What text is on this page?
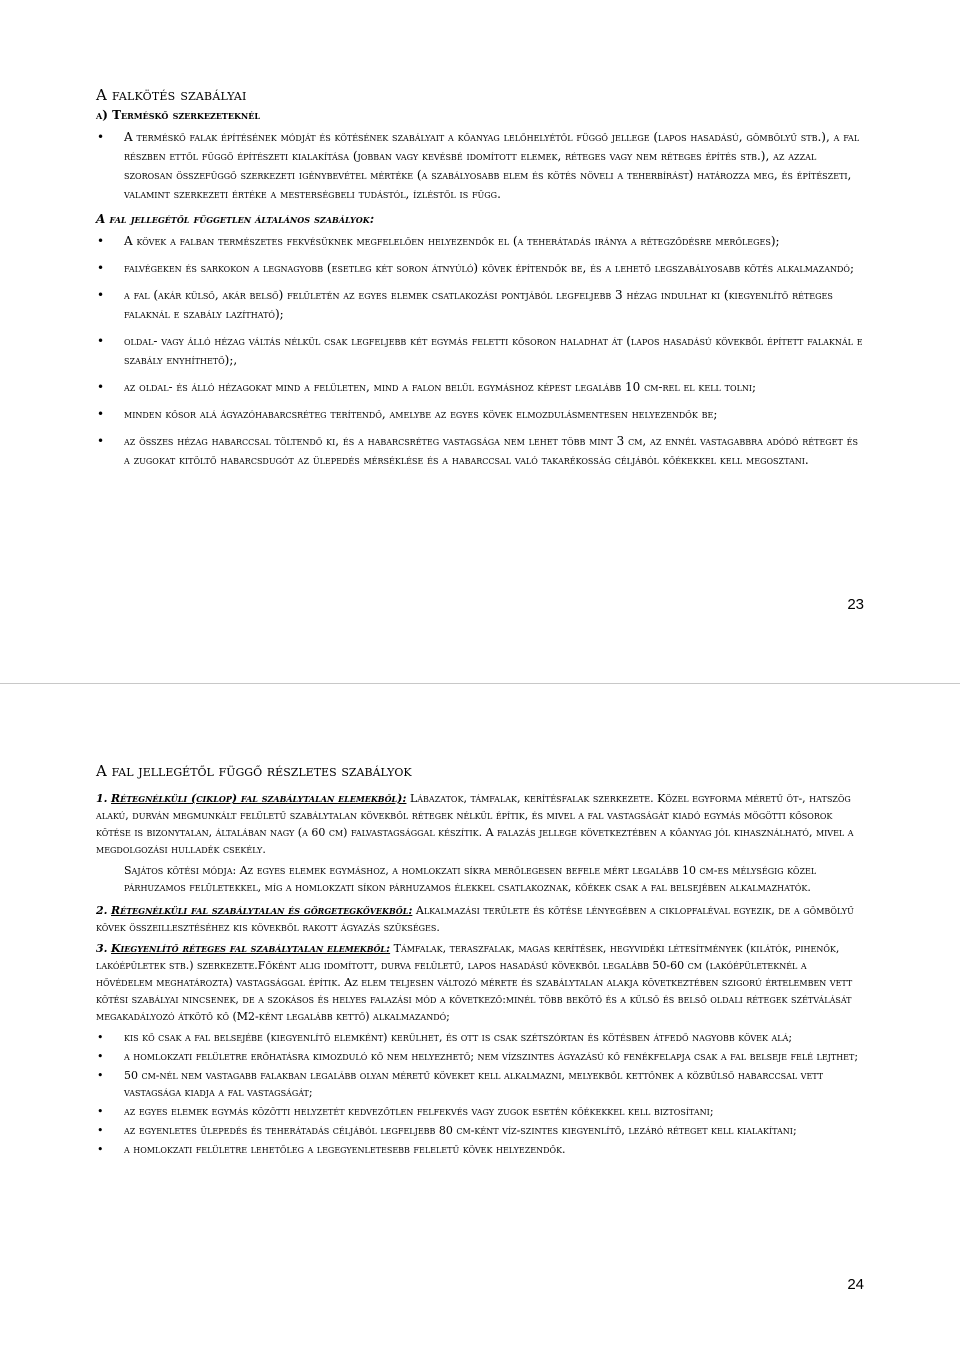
A falkötés szabályai
a) Terméskő szerkezeteknél
• A terméskő falak építésének módját és kötésének szabályait a kőanyag lelőhelyétől függő jellege (lapos hasadású, gömbölyű stb.), a fal részben ettől függő építészeti kialakítása (jobban vagy kevésbé idomított elemek, réteges vagy nem réteges építés stb.), az azzal szorosan összefüggő szerkezeti igénybevétel mértéke (a szabályosabb elem és kötés növeli a teherbírást) határozza meg, és építészeti, valamint szerkezeti értéke a mesterségbeli tudástól, ízléstől is függ.
A fal jellegétől független általános szabályok:
• A kövek a falban természetes fekvésüknek megfelelően helyezendők el (a teherátadás iránya a rétegződésre merőleges);
• falvégeken és sarkokon a legnagyobb (esetleg két soron átnyúló) kövek építendők be, és a lehető legszabályosabb kötés alkalmazandó;
• a fal (akár külső, akár belső) felületén az egyes elemek csatlakozási pontjából legfeljebb 3 hézag indulhat ki (kiegyenlítő réteges falaknál e szabály lazítható);
• oldal- vagy álló hézag váltás nélkül csak legfeljebb két egymás feletti kősoron haladhat át (lapos hasadású kövekből épített falaknál e szabály enyhíthető);,
• az oldal- és álló hézagokat mind a felületen, mind a falon belül egymáshoz képest legalább 10 cm-rel el kell tolni;
• minden kősor alá ágyazóhabarcsréteg terítendő, amelybe az egyes kövek elmozdulásmentesen helyezendők be;
• az összes hézag habarccsal töltendő ki, és a habarcsréteg vastagsága nem lehet több mint 3 cm, az ennél vastagabbra adódó réteget és a zugokat kitöltő habarcsdugót az ülepedés mérséklése és a habarccsal való takarékosság céljából kőékekkel kell megosztani.
23
A fal jellegétől függő részletes szabályok
1. Rétegnélküli (ciklop) fal szabálytalan elemekből): Lábazatok, támfalak, kerítésfalak szerkezete. Közel egyforma méretű öt-, hatszög alakú, durván megmunkált felületű szabálytalan kövekből rétegek nélkül építik, és mivel a fal vastagságát kiadó egymás mögötti kősorok kötése is bizonytalan, általában nagy (a 60 cm) falvastagsággal készítik. A falazás jellege következtében a kőanyag jól kihasználható, mivel a megdolgozási hulladék csekély.
Sajátos kötési módja: Az egyes elemek egymáshoz, a homlokzati síkra merőlegesen befele mért legalább 10 cm-es mélységig közel párhuzamos felületekkel, míg a homlokzati síkon párhuzamos élekkel csatlakoznak, kőékek csak a fal belsejében alkalmazhatók.
2. Rétegnélküli fal szabálytalan és görgetegkövekből: Alkalmazási területe és kötése lényegében a ciklopfaléval egyezik, de a gömbölyű kövek összeillesztéséhez kis kövekből rakott ágyazás szükséges.
3. Kiegyenlítő réteges fal szabálytalan elemekből: Támfalak, teraszfalak, magas kerítések, hegyvidéki létesítmények (kilátók, pihenők, lakóépületek stb.) szerkezete.Főként alig idomított, durva felületű, lapos hasadású kövekből legalább 50-60 cm (lakóépületeknél a hővédelem meghatározta) vastagsággal építik. Az elem teljesen változó mérete és szabálytalan alakja következtében szigorú értelemben vett kötési szabályai nincsenek, de a szokásos és helyes falazási mód a következő:minél több bekötő és a külső és belső oldali rétegek szétválását megakadályozó átkötő kő (M2-ként legalább kettő) alkalmazandó;
• kis kő csak a fal belsejébe (kiegyenlítő elemként) kerülhet, és ott is csak szétszórtan és kötésben átfedő nagyobb kövek alá;
• a homlokzati felületre erőhatásra kimozduló kő nem helyezhető; nem vízszintes ágyazású kő fenékfelapja csak a fal belseje felé lejthet;
• 50 cm-nél nem vastagabb falakban legalább olyan méretű köveket kell alkalmazni, melyekből kettőnek a közbülső habarccsal vett vastagsága kiadja a fal vastagságát;
• az egyes elemek egymás közötti helyzetét kedvezőtlen felfekvés vagy zugok esetén kőékekkel kell biztosítani;
• az egyenletes ülepedés és teherátadás céljából legfeljebb 80 cm-ként víz-szintes kiegyenlítő, lezáró réteget kell kialakítani;
• a homlokzati felületre lehetőleg a legegyenletesebb feleletű kövek helyezendők.
24
